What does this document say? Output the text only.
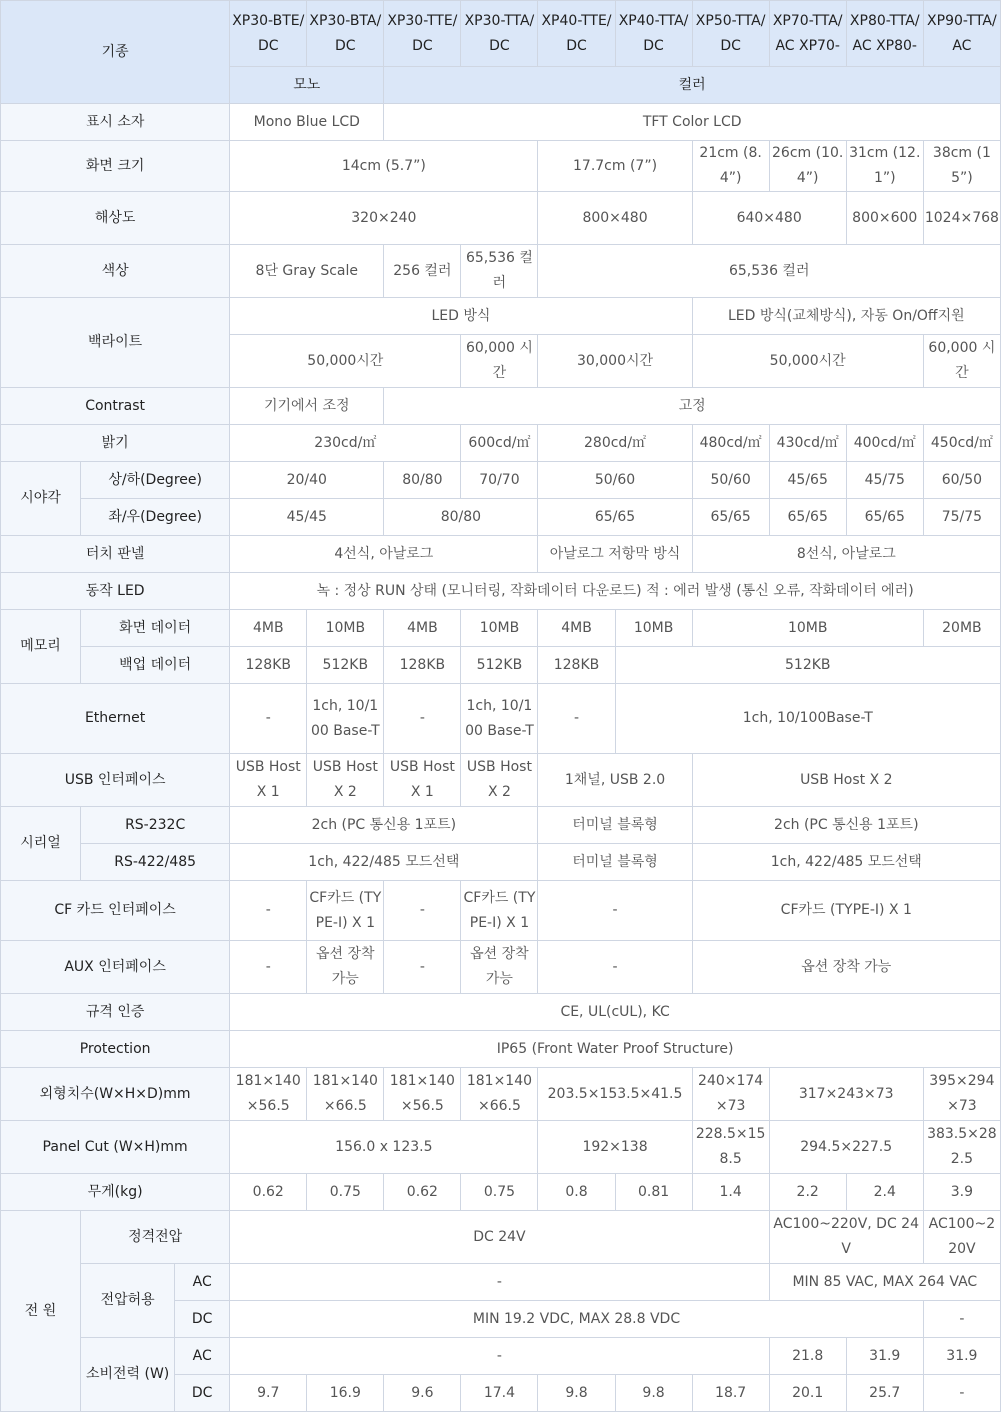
기종			XP30-BTE/DC	XP30-BTA/DC	XP30-TTE/DC	XP30-TTA/DC	XP40-TTE/DC	XP40-TTA/DC	XP50-TTA/DC	XP70-TTA/AC XP70-	XP80-TTA/AC XP80-	XP90-TTA/AC
			모노		컬러							
표시 소자			Mono Blue LCD		TFT Color LCD							
화면 크기			14cm (5.7”)				17.7cm (7”)		21cm (8.4”)	26cm (10.4”)	31cm (12.1”)	38cm (15”)
해상도			320×240				800×480		640×480		800×600	1024×768
색상			8단 Gray Scale		256 컬러	65,536 컬러	65,536 컬러					
백라이트			LED 방식						LED 방식(교체방식), 자동 On/Off지원			
			50,000시간			60,000 시간	30,000시간		50,000시간			60,000 시간
Contrast			기기에서 조정		고정							
밝기			230cd/㎡			600cd/㎡	280cd/㎡		480cd/㎡	430cd/㎡	400cd/㎡	450cd/㎡
시야각	상/하(Degree)		20/40		80/80	70/70	50/60		50/60	45/65	45/75	60/50
	좌/우(Degree)		45/45		80/80		65/65		65/65	65/65	65/65	75/75
터치 판넬			4선식, 아날로그				아날로그 저항막 방식		8선식, 아날로그			
동작 LED			녹 : 정상 RUN 상태 (모니터링, 작화데이터 다운로드) 적 : 에러 발생 (통신 오류, 작화데이터 에러)									
메모리	화면 데이터		4MB	10MB	4MB	10MB	4MB	10MB	10MB			20MB
	백업 데이터		128KB	512KB	128KB	512KB	128KB	512KB				
Ethernet			-	1ch, 10/100 Base-T	-	1ch, 10/100 Base-T	-	1ch, 10/100Base-T				
USB 인터페이스			USB Host X 1	USB Host X 2	USB Host X 1	USB Host X 2	1채널, USB 2.0		USB Host X 2			
시리얼	RS-232C		2ch (PC 통신용 1포트)				터미널 블록형		2ch (PC 통신용 1포트)			
	RS-422/485		1ch, 422/485 모드선택				터미널 블록형		1ch, 422/485 모드선택			
CF 카드 인터페이스			-	CF카드 (TYPE-I) X 1	-	CF카드 (TYPE-I) X 1	-		CF카드 (TYPE-I) X 1			
AUX 인터페이스			-	옵션 장착 가능	-	옵션 장착 가능	-		옵션 장착 가능			
규격 인증			CE, UL(cUL), KC									
Protection			IP65 (Front Water Proof Structure)									
외형치수(W×H×D)mm			181×140×56.5	181×140×66.5	181×140×56.5	181×140×66.5	203.5×153.5×41.5		240×174×73	317×243×73		395×294×73
Panel Cut (W×H)mm			156.0 x 123.5				192×138		228.5×158.5	294.5×227.5		383.5×282.5
무게(kg)			0.62	0.75	0.62	0.75	0.8	0.81	1.4	2.2	2.4	3.9
전 원	정격전압		DC 24V							AC100~220V, DC 24V		AC100~220V
	전압허용	AC	-							MIN 85 VAC, MAX 264 VAC		
		DC	MIN 19.2 VDC, MAX 28.8 VDC									-
	소비전력 (W)	AC	-							21.8	31.9	31.9
		DC	9.7	16.9	9.6	17.4	9.8	9.8	18.7	20.1	25.7	-
